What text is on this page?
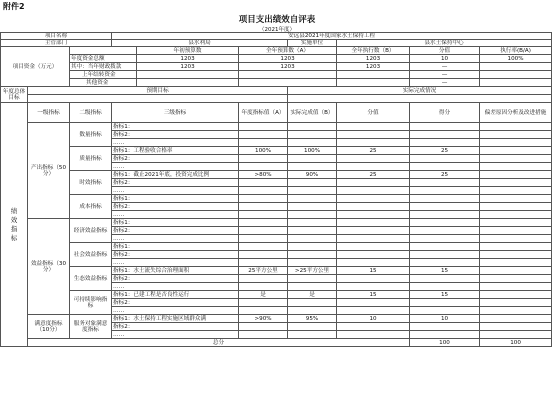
附件2
项目支出绩效自评表
（2021年度）
项目名称			安远县2021年度国家水土保持工程							
主管部门			县水利局			实施单位	县水土保持中心			
项目资金（万元）				年初预算数	全年预算数（A）		全年执行数（B）	分值	执行率(B/A)	
		年度资金总额		1203	1203		1203	10	100%	
		其中：当年财政拨款		1203	1203		1203	—		
		上年结转资金						—		
		其他资金						—		
年度总体目标	预期目标					实际完成情况				

绩效指标	一级指标	二级指标	三级指标		年度指标值（A）	实际完成值（B）	分值	得分	偏差原因分析及改进措施	
	产出指标（50分）	数量指标	指标1：							
			指标2：							
			……							
		质量指标	指标1：工程验收合格率		100%	100%	25	25		
			指标2：							
			……							
		时效指标	指标1：截止2021年底，投资完成比例		>80%	90%	25	25		
			指标2：							
			……							
		成本指标	指标1：							
			指标2：							
			……							
	效益指标（30分）	经济效益指标	指标1：							
			指标2：							
			……							
		社会效益指标	指标1：							
			指标2：							
			……							
		生态效益指标	指标1：水土流失综合治理面积		25平方公里	>25平方公里	15	15		
			指标2：							
			……							
		可持续影响指标	指标1：已建工程是否良性运行		是	是	15	15		
			指标2：							
			……							
	满意度指标（10分）	服务对象满意度指标	指标1：水土保持工程实施区域群众满		>90%	95%	10	10		
			指标2：							
			……							
	总分							100	100	
